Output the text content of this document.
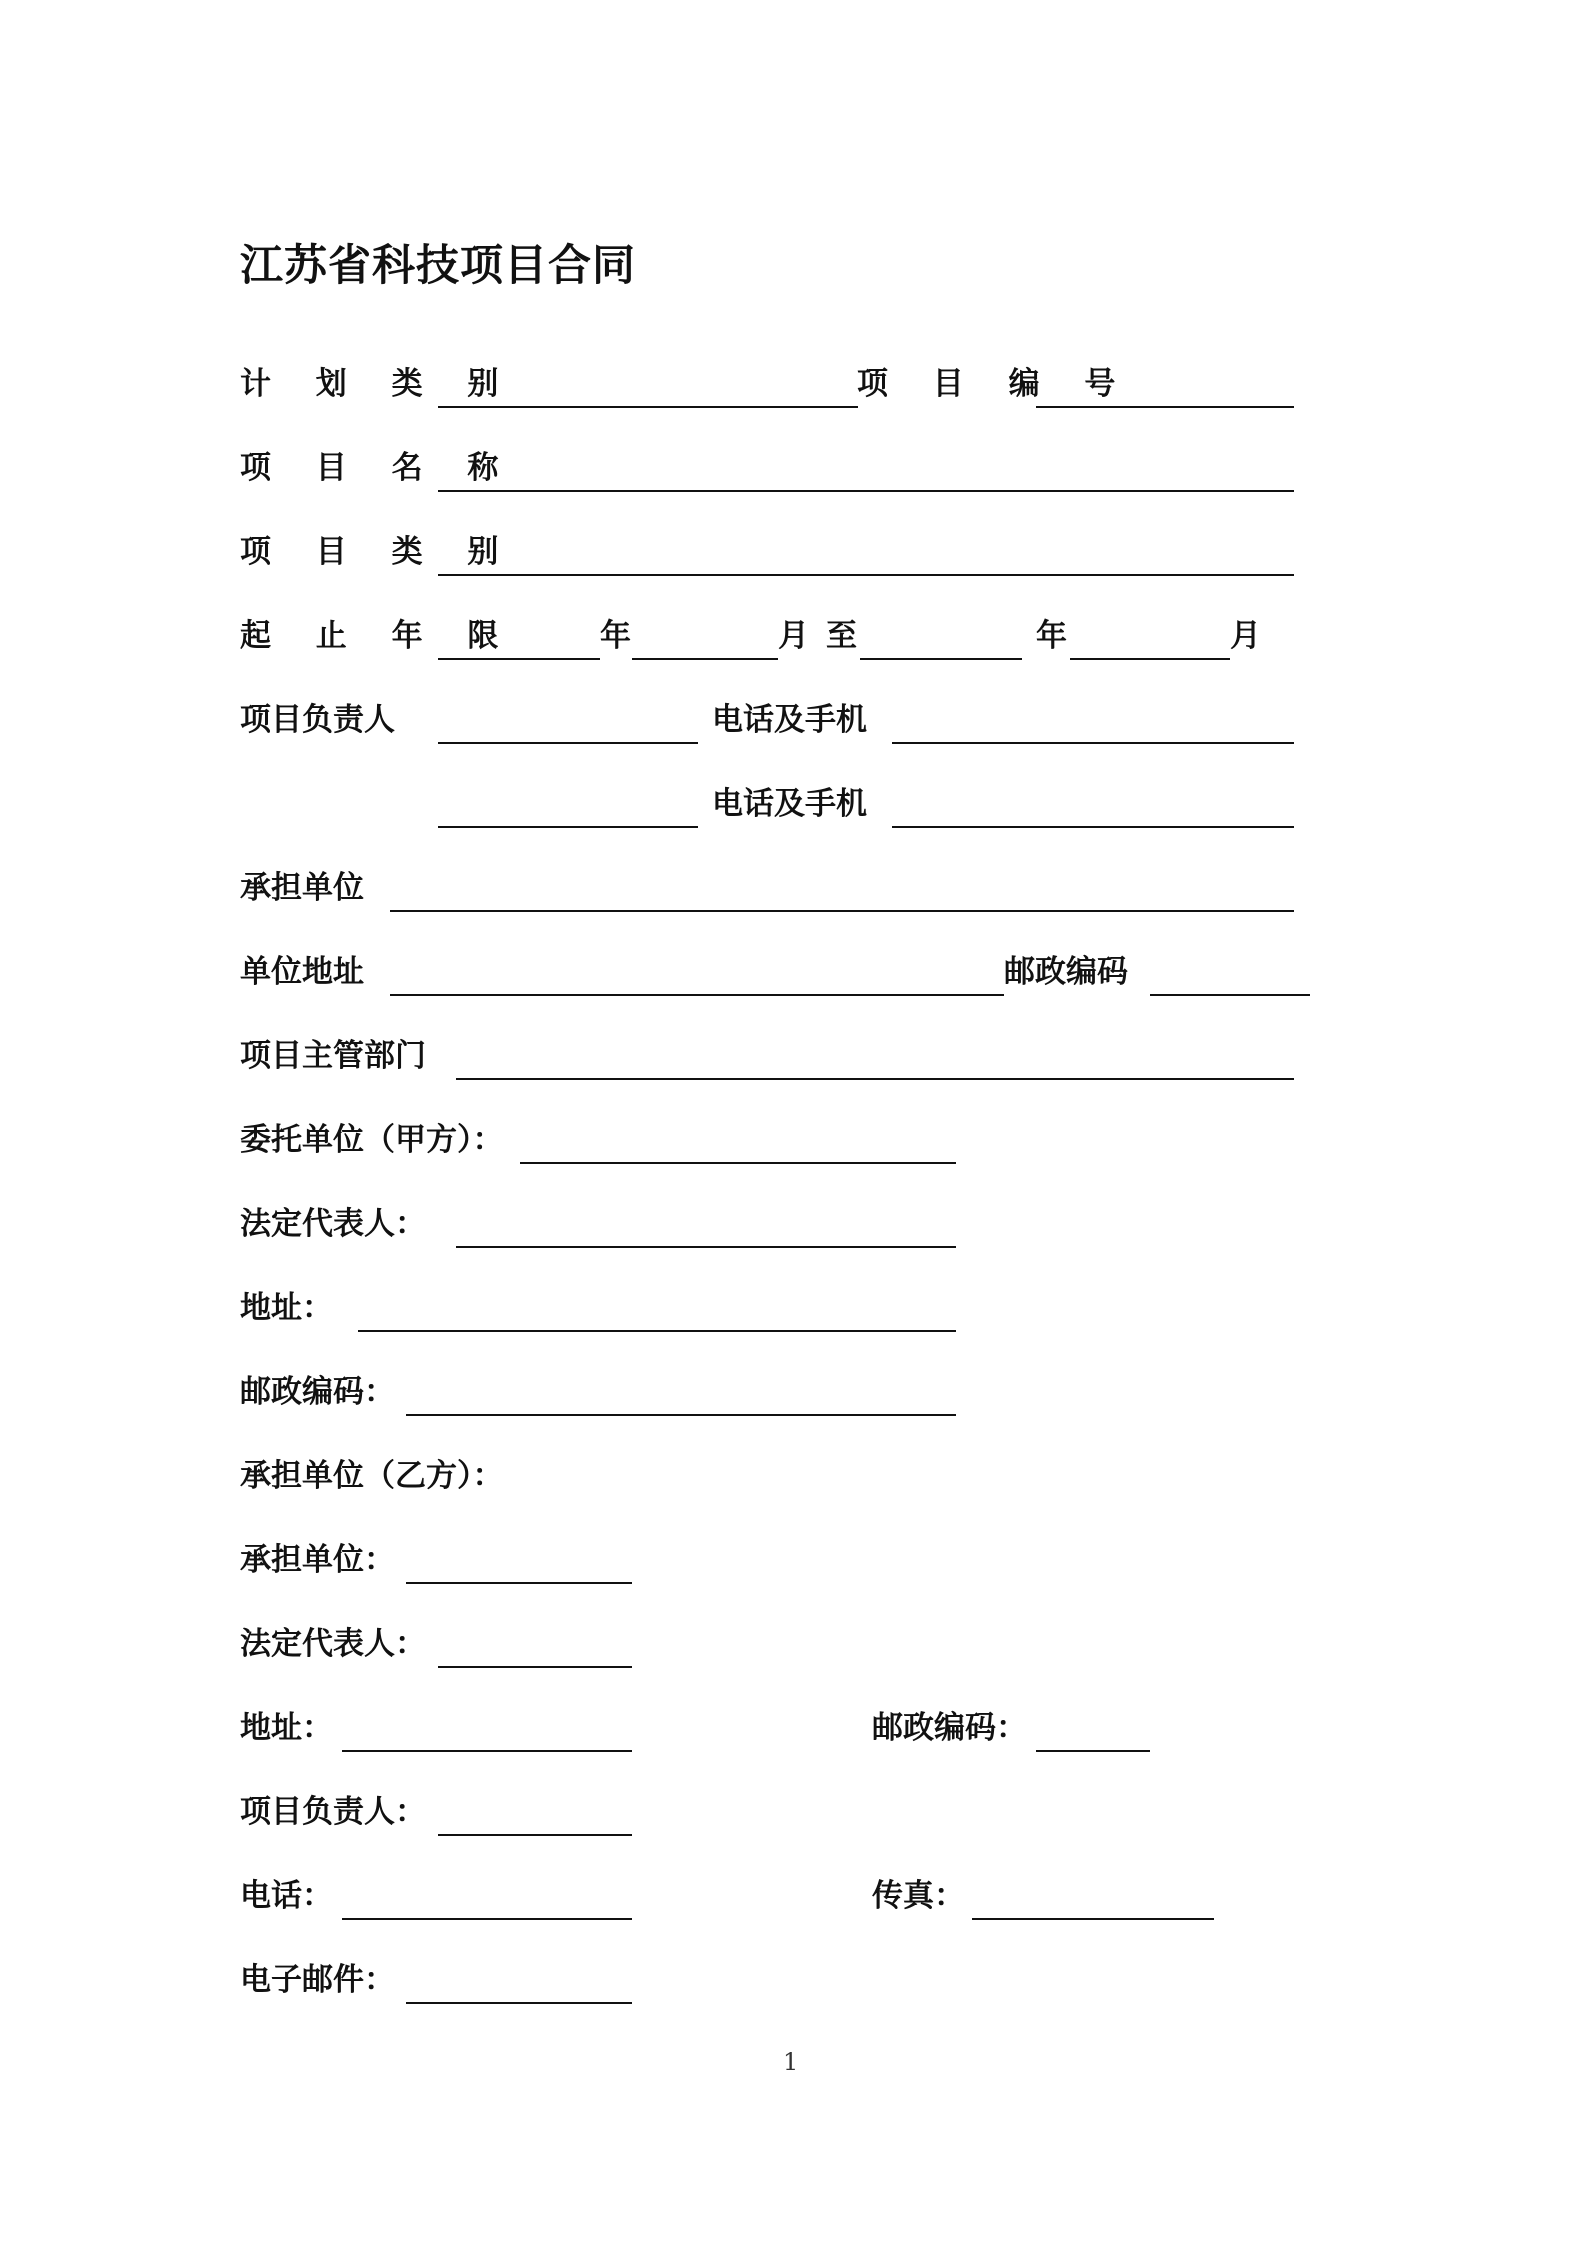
江苏省科技项目合同
计 划 类 别	项 目 编 号
项 目 名 称
项 目 类 别
起 止 年 限	年	月 至	年	月
项目负责人	电话及手机
电话及手机
承担单位
单位地址	邮政编码
项目主管部门
委托单位（甲方）：
法定代表人：
地址：
邮政编码：
承担单位（乙方）：
承担单位：
法定代表人：
地址：	邮政编码：
项目负责人：
电话：	传真：
电子邮件：
1
